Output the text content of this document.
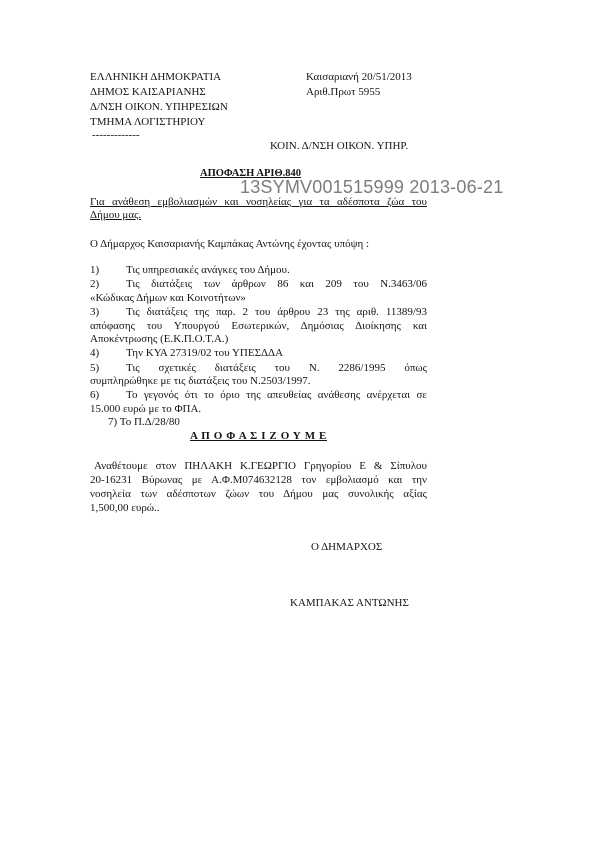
ΕΛΛΗΝΙΚΗ ΔΗΜΟΚΡΑΤΙΑ
ΔΗΜΟΣ ΚΑΙΣΑΡΙΑΝΗΣ
Δ/ΝΣΗ ΟΙΚΟΝ. ΥΠΗΡΕΣΙΩΝ
ΤΜΗΜΑ ΛΟΓΙΣΤΗΡΙΟΥ
-------------
Καισαριανή 20/51/2013
Αριθ.Πρωτ 5955
ΚΟΙΝ. Δ/ΝΣΗ ΟΙΚΟΝ. ΥΠΗΡ.
ΑΠΟΦΑΣΗ ΑΡΙΘ.840
13SYMV001515999 2013-06-21
Για ανάθεση εμβολιασμών και νοσηλείας για τα αδέσποτα ζώα του
Δήμου μας.
Ο Δήμαρχος Καισαριανής Καμπάκας Αντώνης έχοντας υπόψη :
1) Τις υπηρεσιακές ανάγκες του Δήμου.
2) Τις διατάξεις των άρθρων 86 και 209 του Ν.3463/06
«Κώδικας Δήμων και Κοινοτήτων»
3) Τις διατάξεις της παρ. 2 του άρθρου 23 της αριθ. 11389/93
απόφασης του Υπουργού Εσωτερικών, Δημόσιας Διοίκησης και
Αποκέντρωσης (Ε.Κ.Π.Ο.Τ.Α.)
4) Την ΚΥΑ 27319/02 του ΥΠΕΣΔΔΑ
5) Τις σχετικές διατάξεις του Ν. 2286/1995 όπως
συμπληρώθηκε με τις διατάξεις του Ν.2503/1997.
6) Το γεγονός ότι το όριο της απευθείας ανάθεσης ανέρχεται σε
15.000 ευρώ με το ΦΠΑ.
7) Το Π.Δ/28/80
Α Π Ο Φ Α Σ Ι Ζ Ο Υ Μ Ε
Αναθέτουμε στον ΠΗΛΑΚΗ Κ.ΓΕΩΡΓΙΟ Γρηγορίου Ε & Σίπυλου
20-16231 Βύρωνας με Α.Φ.Μ074632128 τον εμβολιασμό και την
νοσηλεία των αδέσποτων ζώων του Δήμου μας συνολικής αξίας
1,500,00 ευρώ..
Ο ΔΗΜΑΡΧΟΣ
ΚΑΜΠΑΚΑΣ ΑΝΤΩΝΗΣ
